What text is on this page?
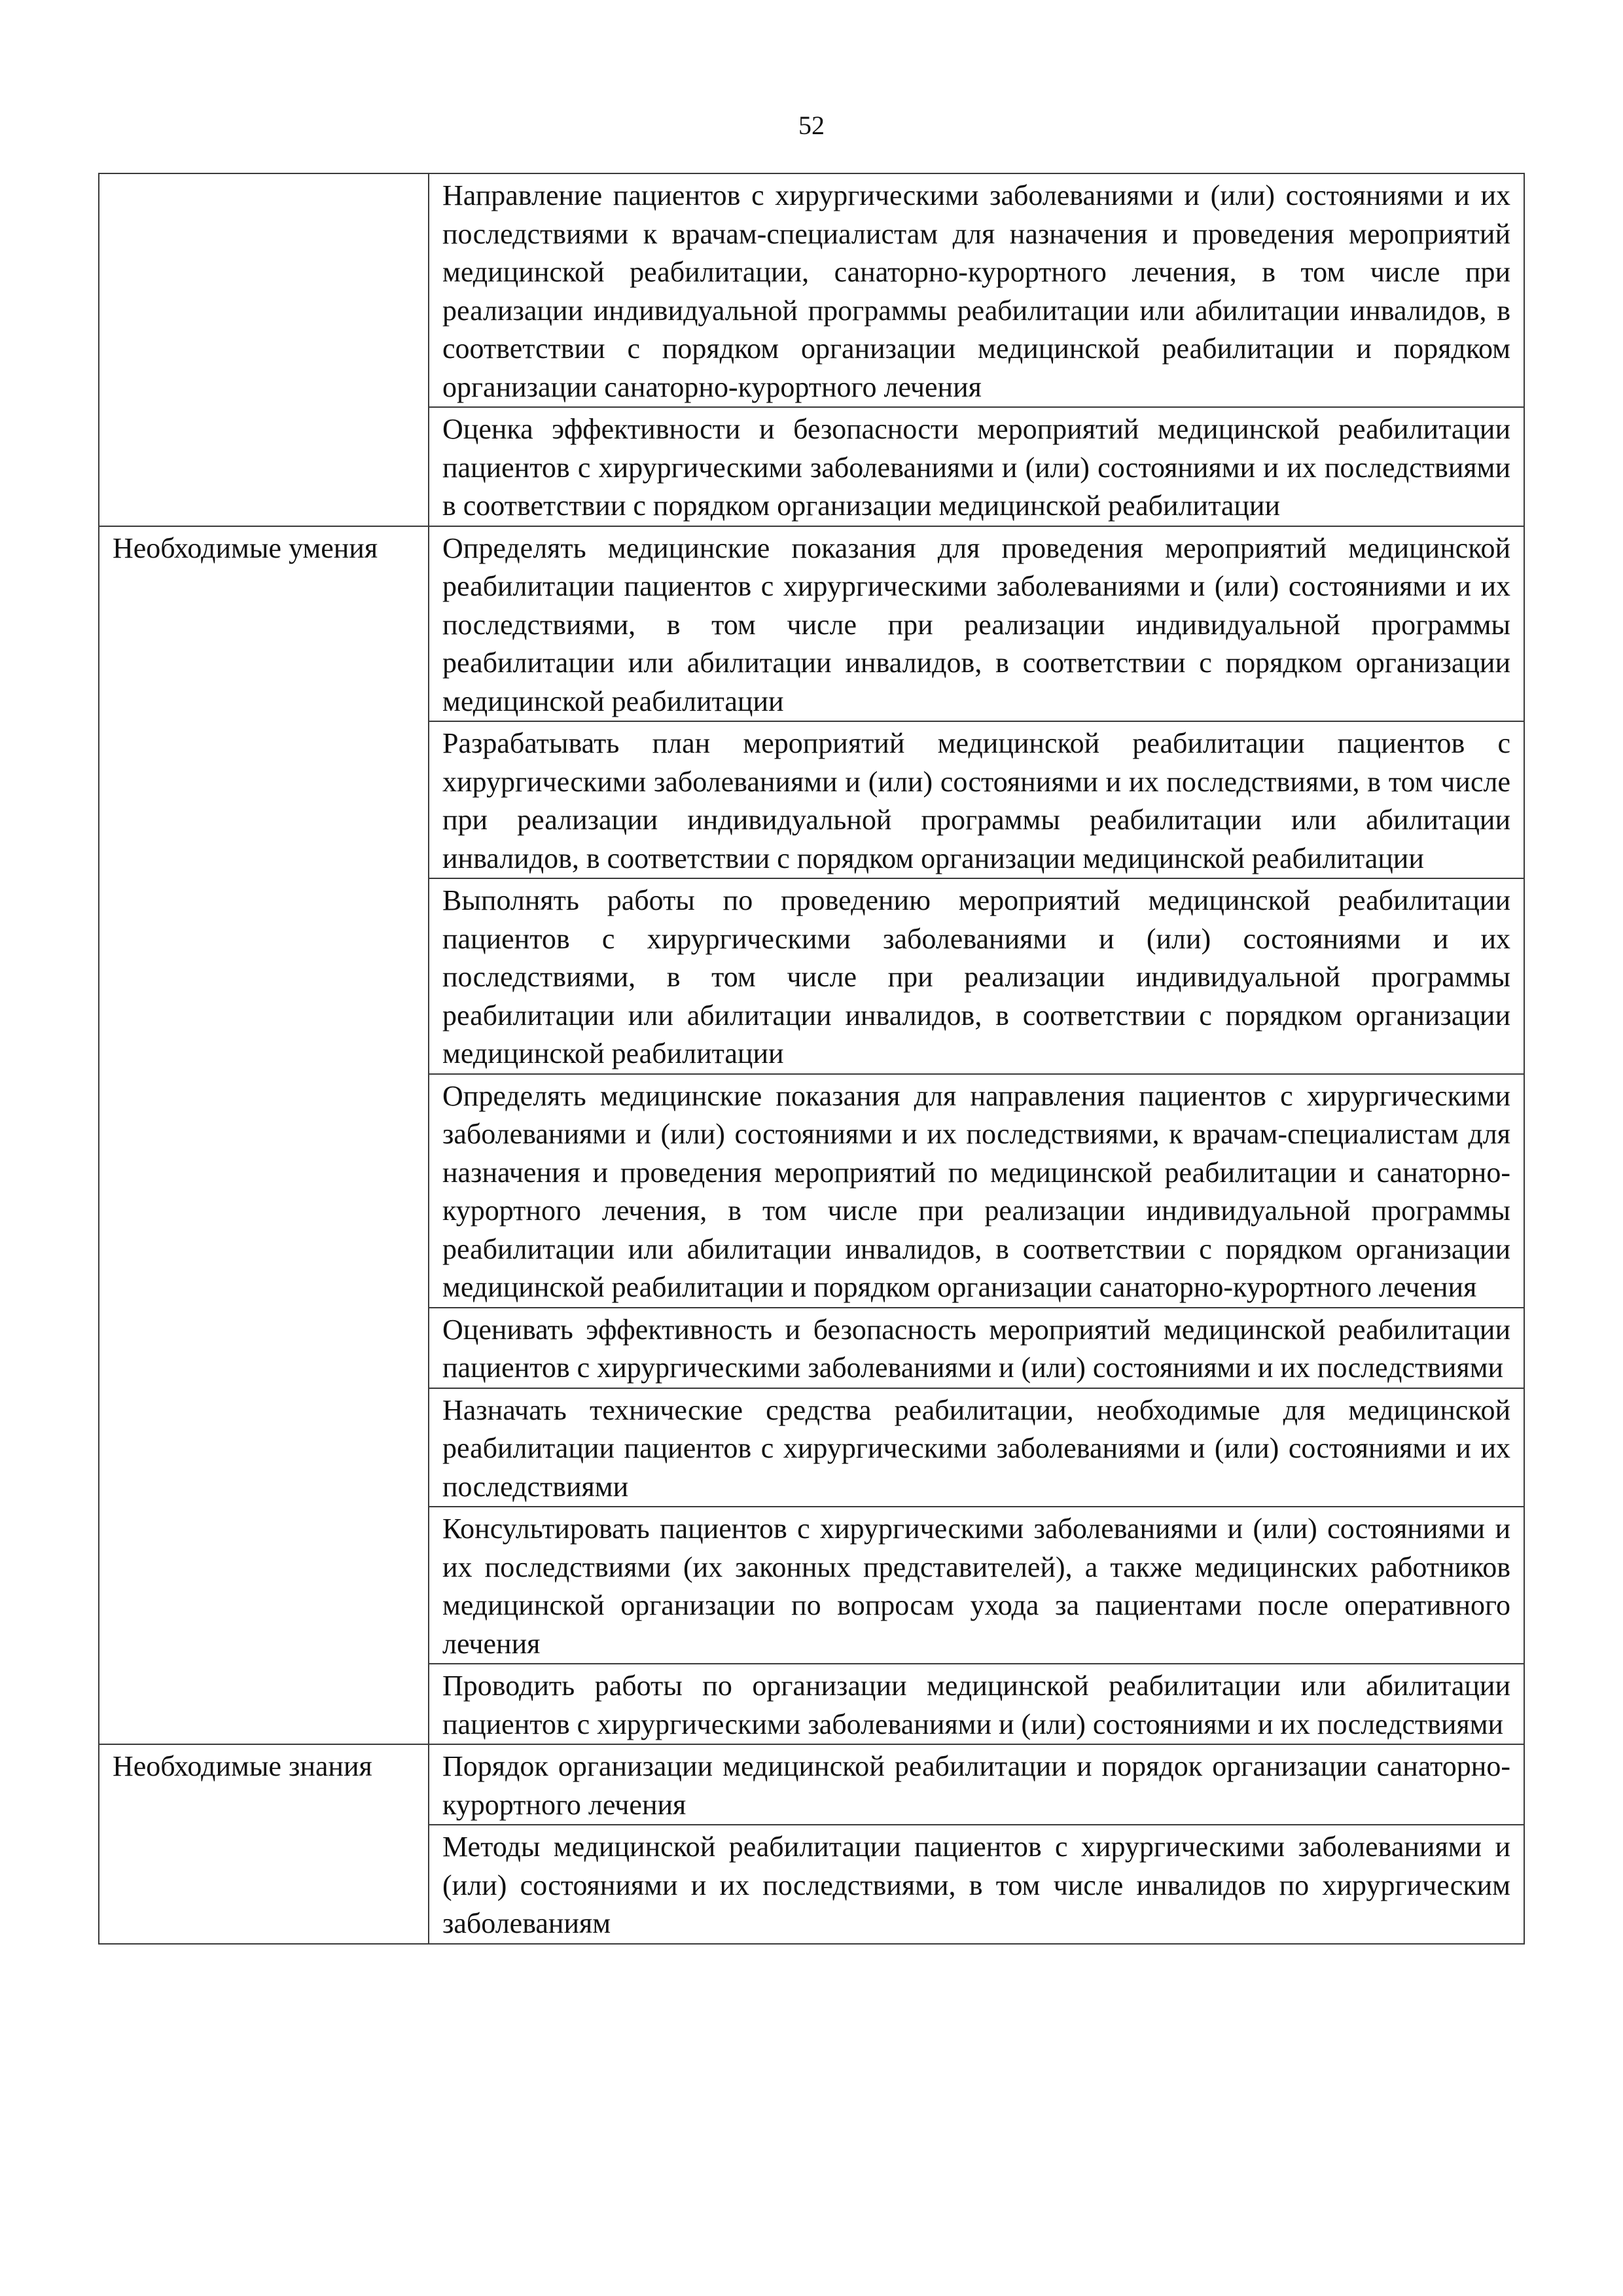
52
	Направление пациентов с хирургическими заболеваниями и (или) состояниями и их последствиями к врачам-специалистам для назначения и проведения мероприятий медицинской реабилитации, санаторно-курортного лечения, в том числе при реализации индивидуальной программы реабилитации или абилитации инвалидов, в соответствии с порядком организации медицинской реабилитации и порядком организации санаторно-курортного лечения
	Оценка эффективности и безопасности мероприятий медицинской реабилитации пациентов с хирургическими заболеваниями и (или) состояниями и их последствиями в соответствии с порядком организации медицинской реабилитации
Необходимые умения	Определять медицинские показания для проведения мероприятий медицинской реабилитации пациентов с хирургическими заболеваниями и (или) состояниями и их последствиями, в том числе при реализации индивидуальной программы реабилитации или абилитации инвалидов, в соответствии с порядком организации медицинской реабилитации
	Разрабатывать план мероприятий медицинской реабилитации пациентов с хирургическими заболеваниями и (или) состояниями и их последствиями, в том числе при реализации индивидуальной программы реабилитации или абилитации инвалидов, в соответствии с порядком организации медицинской реабилитации
	Выполнять работы по проведению мероприятий медицинской реабилитации пациентов с хирургическими заболеваниями и (или) состояниями и их последствиями, в том числе при реализации индивидуальной программы реабилитации или абилитации инвалидов, в соответствии с порядком организации медицинской реабилитации
	Определять медицинские показания для направления пациентов с хирургическими заболеваниями и (или) состояниями и их последствиями, к врачам-специалистам для назначения и проведения мероприятий по медицинской реабилитации и санаторно-курортного лечения, в том числе при реализации индивидуальной программы реабилитации или абилитации инвалидов, в соответствии с порядком организации медицинской реабилитации и порядком организации санаторно-курортного лечения
	Оценивать эффективность и безопасность мероприятий медицинской реабилитации пациентов с хирургическими заболеваниями и (или) состояниями и их последствиями
	Назначать технические средства реабилитации, необходимые для медицинской реабилитации пациентов с хирургическими заболеваниями и (или) состояниями и их последствиями
	Консультировать пациентов с хирургическими заболеваниями и (или) состояниями и их последствиями (их законных представителей), а также медицинских работников медицинской организации по вопросам ухода за пациентами после оперативного лечения
	Проводить работы по организации медицинской реабилитации или абилитации пациентов с хирургическими заболеваниями и (или) состояниями и их последствиями
Необходимые знания	Порядок организации медицинской реабилитации и порядок организации санаторно-курортного лечения
	Методы медицинской реабилитации пациентов с хирургическими заболеваниями и (или) состояниями и их последствиями, в том числе инвалидов по хирургическим заболеваниям
